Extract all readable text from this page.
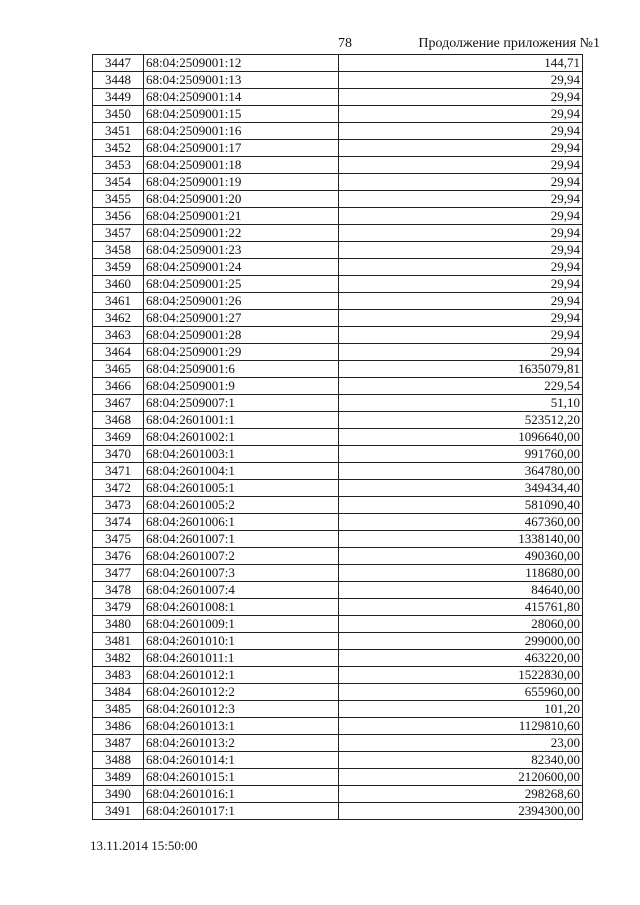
78	Продолжение приложения №1
3447	68:04:2509001:12	144,71
3448	68:04:2509001:13	29,94
3449	68:04:2509001:14	29,94
3450	68:04:2509001:15	29,94
3451	68:04:2509001:16	29,94
3452	68:04:2509001:17	29,94
3453	68:04:2509001:18	29,94
3454	68:04:2509001:19	29,94
3455	68:04:2509001:20	29,94
3456	68:04:2509001:21	29,94
3457	68:04:2509001:22	29,94
3458	68:04:2509001:23	29,94
3459	68:04:2509001:24	29,94
3460	68:04:2509001:25	29,94
3461	68:04:2509001:26	29,94
3462	68:04:2509001:27	29,94
3463	68:04:2509001:28	29,94
3464	68:04:2509001:29	29,94
3465	68:04:2509001:6	1635079,81
3466	68:04:2509001:9	229,54
3467	68:04:2509007:1	51,10
3468	68:04:2601001:1	523512,20
3469	68:04:2601002:1	1096640,00
3470	68:04:2601003:1	991760,00
3471	68:04:2601004:1	364780,00
3472	68:04:2601005:1	349434,40
3473	68:04:2601005:2	581090,40
3474	68:04:2601006:1	467360,00
3475	68:04:2601007:1	1338140,00
3476	68:04:2601007:2	490360,00
3477	68:04:2601007:3	118680,00
3478	68:04:2601007:4	84640,00
3479	68:04:2601008:1	415761,80
3480	68:04:2601009:1	28060,00
3481	68:04:2601010:1	299000,00
3482	68:04:2601011:1	463220,00
3483	68:04:2601012:1	1522830,00
3484	68:04:2601012:2	655960,00
3485	68:04:2601012:3	101,20
3486	68:04:2601013:1	1129810,60
3487	68:04:2601013:2	23,00
3488	68:04:2601014:1	82340,00
3489	68:04:2601015:1	2120600,00
3490	68:04:2601016:1	298268,60
3491	68:04:2601017:1	2394300,00
13.11.2014 15:50:00
